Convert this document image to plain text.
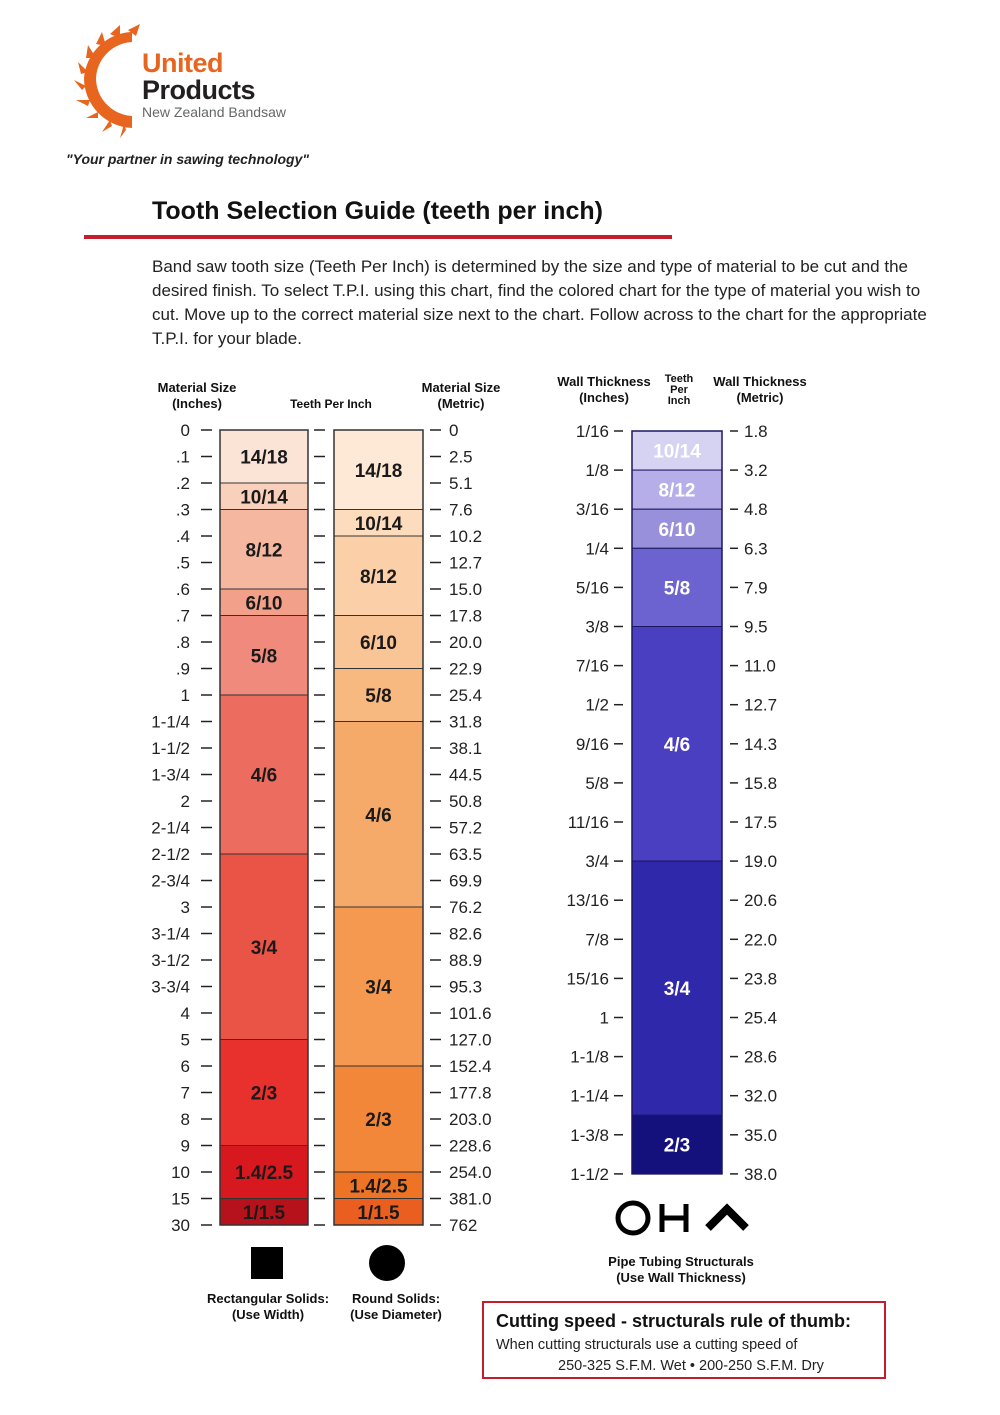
United
Products
New Zealand Bandsaw
"Your partner in sawing technology"
Tooth Selection Guide (teeth per inch)
Band saw tooth size (Teeth Per Inch) is determined by the size and type of material to be cut and the desired finish. To select T.P.I. using this chart, find the colored chart for the type of material you wish to cut. Move up to the correct material size next to the chart. Follow across to the chart for the appropriate T.P.I. for your blade.
Material Size (Inches)	Teeth Per Inch
Material Size (Metric)
Wall Thickness (Inches)
Teeth Per Inch
Wall Thickness (Metric)
0	0
.1	2.5
.2	5.1
.3	7.6
.4	10.2
.5	12.7
.6	15.0
.7	17.8
.8	20.0
.9	22.9
1	25.4
1-1/4	31.8
1-1/2	38.1
1-3/4	44.5
2	50.8
2-1/4	57.2
2-1/2	63.5
2-3/4	69.9
3	76.2
3-1/4	82.6
3-1/2	88.9
3-3/4	95.3
4	101.6
5	127.0
6	152.4
7	177.8
8	203.0
9	228.6
10	254.0
15	381.0
30	762
14/18
10/14
8/12
6/10
5/8
4/6
3/4
2/3
1.4/2.5
1/1.5
14/18
10/14
8/12
6/10
5/8
4/6
3/4
2/3
1.4/2.5
1/1.5
1/16	1.8
1/8	3.2
3/16	4.8
1/4	6.3
5/16	7.9
3/8	9.5
7/16	11.0
1/2	12.7
9/16	14.3
5/8	15.8
11/16	17.5
3/4	19.0
13/16	20.6
7/8	22.0
15/16	23.8
1	25.4
1-1/8	28.6
1-1/4	32.0
1-3/8	35.0
1-1/2	38.0
10/14
8/12
6/10
5/8
4/6
3/4
2/3
Rectangular Solids: (Use Width)
Round Solids: (Use Diameter)
Pipe Tubing Structurals (Use Wall Thickness)
Cutting speed - structurals rule of thumb:
When cutting structurals use a cutting speed of
250-325 S.F.M. Wet • 200-250 S.F.M. Dry
